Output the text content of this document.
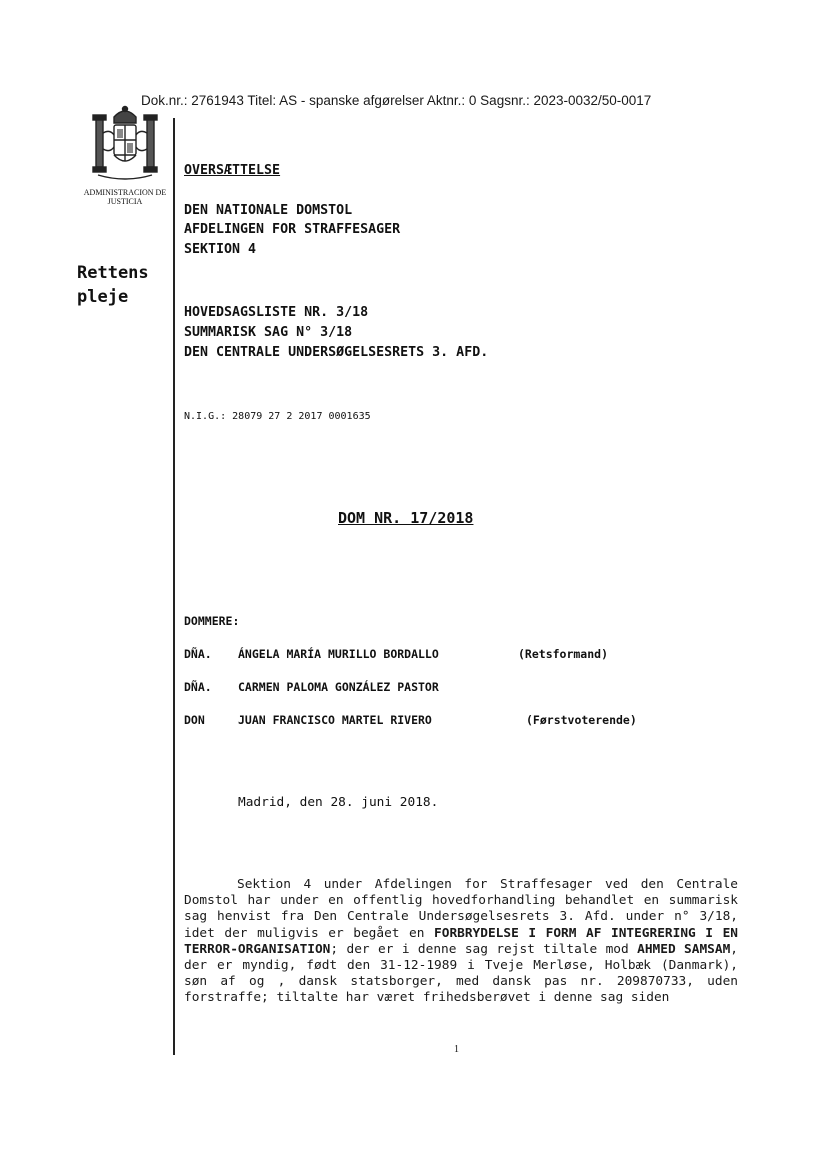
Dok.nr.: 2761943 Titel: AS - spanske afgørelser Aktnr.: 0 Sagsnr.: 2023-0032/50-0017
ADMINISTRACION DE JUSTICIA
Rettens pleje
OVERSÆTTELSE
DEN NATIONALE DOMSTOL
AFDELINGEN FOR STRAFFESAGER
SEKTION 4
HOVEDSAGSLISTE NR. 3/18
SUMMARISK SAG N° 3/18
DEN CENTRALE UNDERSØGELSESRETS 3. AFD.
N.I.G.: 28079 27 2 2017 0001635
DOM NR. 17/2018
DOMMERE:
DÑA. ÁNGELA MARÍA MURILLO BORDALLO	(Retsformand)
DÑA. CARMEN PALOMA GONZÁLEZ PASTOR
DON	JUAN FRANCISCO MARTEL RIVERO	(Førstvoterende)
Madrid, den 28. juni 2018.
Sektion 4 under Afdelingen for Straffesager ved den Centrale Domstol har under en offentlig hovedforhandling behandlet en summarisk sag henvist fra Den Centrale Undersøgelsesrets 3. Afd. under n° 3/18, idet der muligvis er begået en FORBRYDELSE I FORM AF INTEGRERING I EN TERROR-ORGANISATION; der er i denne sag rejst tiltale mod AHMED SAMSAM, der er myndig, født den 31-12-1989 i Tveje Merløse, Holbæk (Danmark), søn af og , dansk statsborger, med dansk pas nr. 209870733, uden forstraffe; tiltalte har været frihedsberøvet i denne sag siden
1
